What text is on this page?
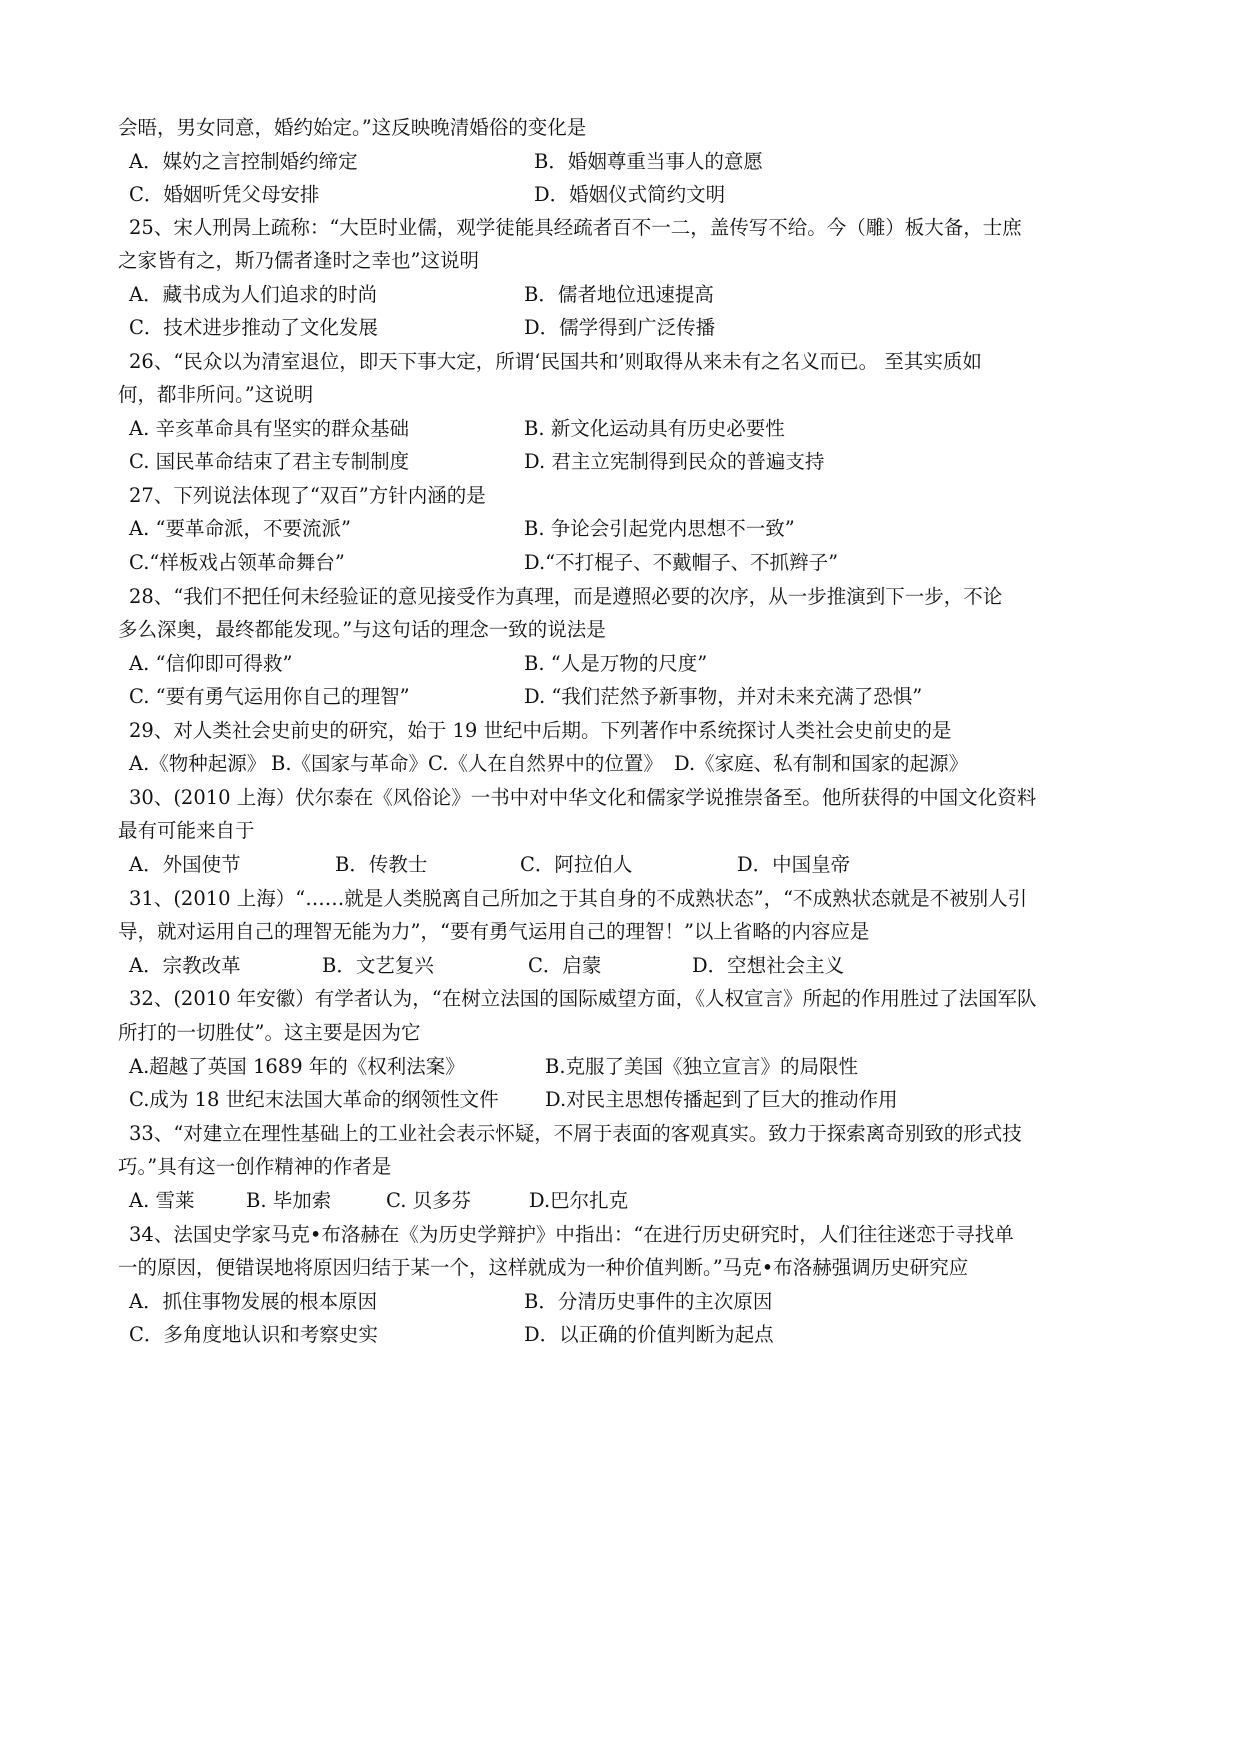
会晤，男女同意，婚约始定。”这反映晚清婚俗的变化是
A．媒妁之言控制婚约缔定	B．婚姻尊重当事人的意愿
C．婚姻听凭父母安排	D．婚姻仪式简约文明
25、宋人刑昺上疏称：“大臣时业儒，观学徒能具经疏者百不一二，盖传写不给。今（雕）板大备，士庶
之家皆有之，斯乃儒者逢时之幸也”这说明
A．藏书成为人们追求的时尚	B．儒者地位迅速提高
C．技术进步推动了文化发展	D．儒学得到广泛传播
26、“民众以为清室退位，即天下事大定，所谓‘民国共和’则取得从来未有之名义而已。 至其实质如
何，都非所问。”这说明
A. 辛亥革命具有坚实的群众基础	B. 新文化运动具有历史必要性
C. 国民革命结束了君主专制制度	D. 君主立宪制得到民众的普遍支持
27、下列说法体现了“双百”方针内涵的是
A. “要革命派，不要流派”	B. 争论会引起党内思想不一致”
C.“样板戏占领革命舞台”	D.“不打棍子、不戴帽子、不抓辫子”
28、“我们不把任何未经验证的意见接受作为真理，而是遵照必要的次序，从一步推演到下一步，不论
多么深奥，最终都能发现。”与这句话的理念一致的说法是
A. “信仰即可得救”	B. “人是万物的尺度”
C. “要有勇气运用你自己的理智”	D. “我们茫然予新事物，并对未来充满了恐惧”
29、对人类社会史前史的研究，始于 19 世纪中后期。下列著作中系统探讨人类社会史前史的是
A.《物种起源》 B.《国家与革命》 C.《人在自然界中的位置》 D.《家庭、私有制和国家的起源》
30、(2010 上海）伏尔泰在《风俗论》一书中对中华文化和儒家学说推崇备至。他所获得的中国文化资料
最有可能来自于
A．外国使节	B．传教士	C．阿拉伯人	D．中国皇帝
31、(2010 上海）“……就是人类脱离自己所加之于其自身的不成熟状态”，“不成熟状态就是不被别人引
导，就对运用自己的理智无能为力”，“要有勇气运用自己的理智！”以上省略的内容应是
A．宗教改革	B．文艺复兴	C．启蒙	D．空想社会主义
32、(2010 年安徽）有学者认为，“在树立法国的国际威望方面，《人权宣言》所起的作用胜过了法国军队
所打的一切胜仗”。这主要是因为它
A.超越了英国 1689 年的《权利法案》	B.克服了美国《独立宣言》的局限性
C.成为 18 世纪末法国大革命的纲领性文件 D.对民主思想传播起到了巨大的推动作用
33、“对建立在理性基础上的工业社会表示怀疑，不屑于表面的客观真实。致力于探索离奇别致的形式技
巧。”具有这一创作精神的作者是
A. 雪莱	B. 毕加索	C. 贝多芬	D.巴尔扎克
34、法国史学家马克•布洛赫在《为历史学辩护》中指出：“在进行历史研究时，人们往往迷恋于寻找单
一的原因，便错误地将原因归结于某一个，这样就成为一种价值判断。”马克•布洛赫强调历史研究应
A．抓住事物发展的根本原因	B．分清历史事件的主次原因
C．多角度地认识和考察史实	D．以正确的价值判断为起点
